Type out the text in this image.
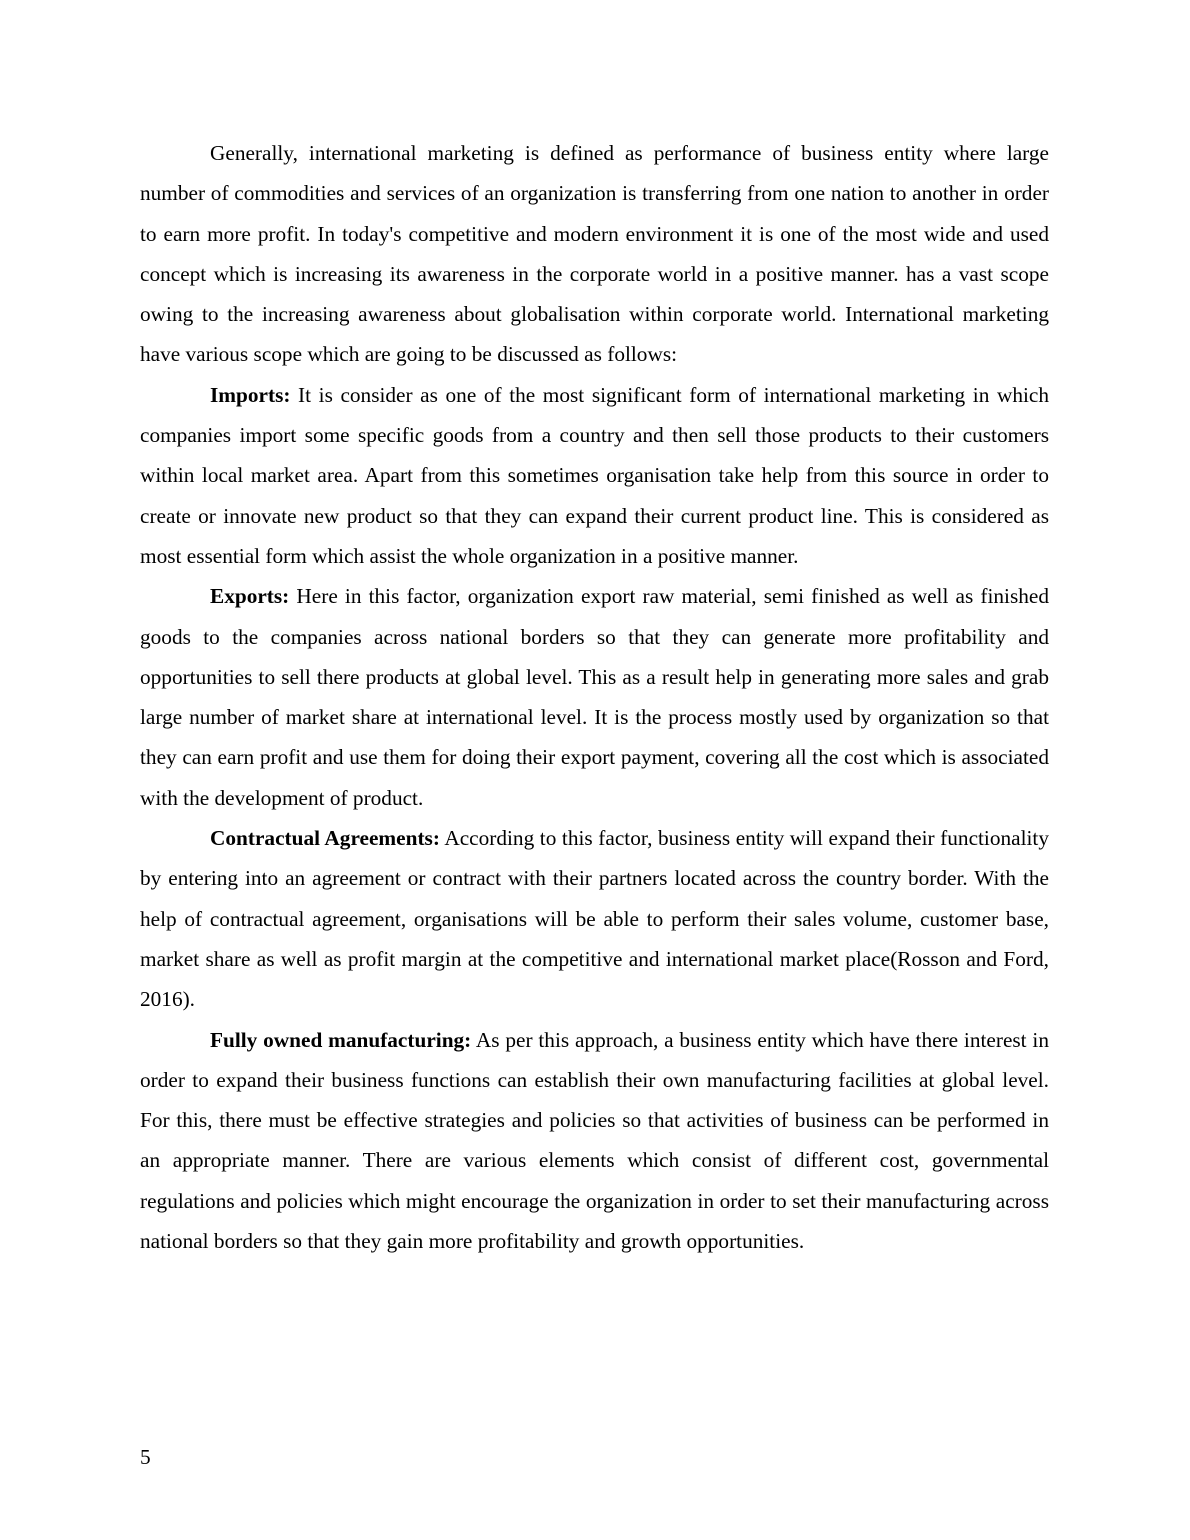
Generally, international marketing is defined as performance of business entity where large number of commodities and services of an organization is transferring from one nation to another in order to earn more profit. In today's competitive and modern environment it is one of the most wide and used concept which is increasing its awareness in the corporate world in a positive manner. has a vast scope owing to the increasing awareness about globalisation within corporate world. International marketing have various scope which are going to be discussed as follows:

Imports: It is consider as one of the most significant form of international marketing in which companies import some specific goods from a country and then sell those products to their customers within local market area. Apart from this sometimes organisation take help from this source in order to create or innovate new product so that they can expand their current product line. This is considered as most essential form which assist the whole organization in a positive manner.

Exports: Here in this factor, organization export raw material, semi finished as well as finished goods to the companies across national borders so that they can generate more profitability and opportunities to sell there products at global level. This as a result help in generating more sales and grab large number of market share at international level. It is the process mostly used by organization so that they can earn profit and use them for doing their export payment, covering all the cost which is associated with the development of product.

Contractual Agreements: According to this factor, business entity will expand their functionality by entering into an agreement or contract with their partners located across the country border. With the help of contractual agreement, organisations will be able to perform their sales volume, customer base, market share as well as profit margin at the competitive and international market place(Rosson and Ford, 2016).

Fully owned manufacturing: As per this approach, a business entity which have there interest in order to expand their business functions can establish their own manufacturing facilities at global level. For this, there must be effective strategies and policies so that activities of business can be performed in an appropriate manner. There are various elements which consist of different cost, governmental regulations and policies which might encourage the organization in order to set their manufacturing across national borders so that they gain more profitability and growth opportunities.

5
